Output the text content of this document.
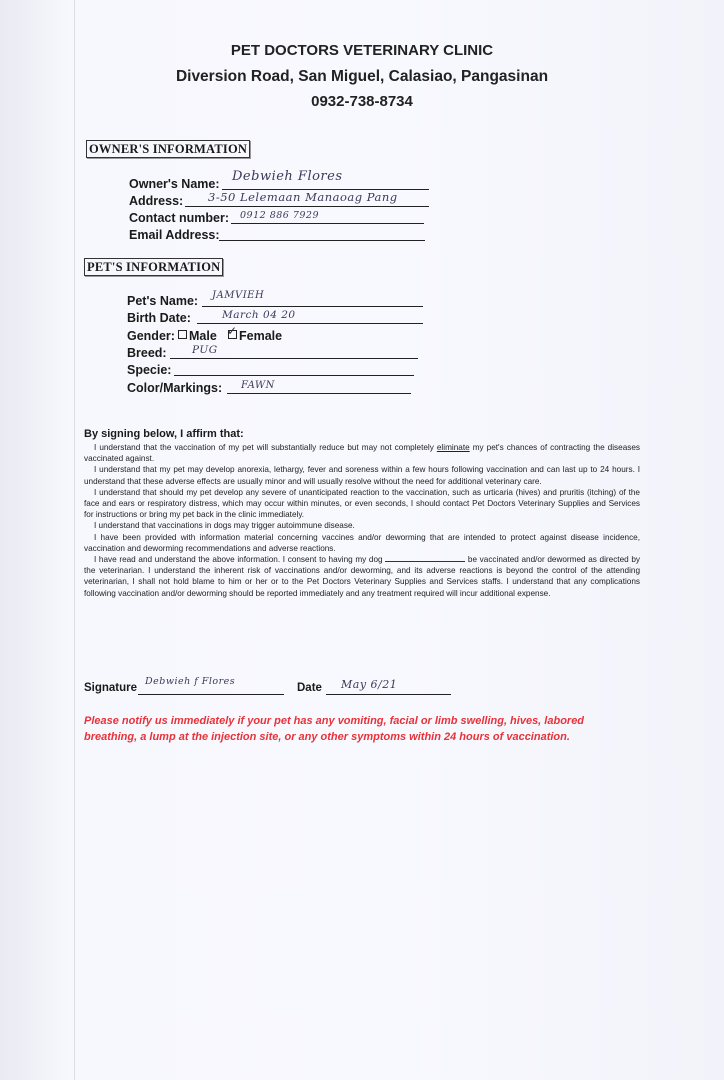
PET DOCTORS VETERINARY CLINIC
Diversion Road, San Miguel, Calasiao, Pangasinan
0932-738-8734
OWNER'S INFORMATION
Owner's Name: Debwieh Flores
Address: 3-50 Lelemaan Manaoag Pang
Contact number: 0912 886 7929
Email Address:
PET'S INFORMATION
Pet's Name: JAMVIEH
Birth Date:	March 04 20
Gender:	Male
✓	Female
Breed: PUG
Specie:
Color/Markings: FAWN
By signing below, I affirm that:

I understand that the vaccination of my pet will substantially reduce but may not completely eliminate my pet's chances of contracting the diseases vaccinated against.

I understand that my pet may develop anorexia, lethargy, fever and soreness within a few hours following vaccination and can last up to 24 hours. I understand that these adverse effects are usually minor and will usually resolve without the need for additional veterinary care.

I understand that should my pet develop any severe of unanticipated reaction to the vaccination, such as urticaria (hives) and pruritis (itching) of the face and ears or respiratory distress, which may occur within minutes, or even seconds, I should contact Pet Doctors Veterinary Supplies and Services for instructions or bring my pet back in the clinic immediately.

I understand that vaccinations in dogs may trigger autoimmune disease.

I have been provided with information material concerning vaccines and/or deworming that are intended to protect against disease incidence, vaccination and deworming recommendations and adverse reactions.

I have read and understand the above information. I consent to having my dog	be vaccinated and/or dewormed as directed by the veterinarian. I understand the inherent risk of vaccinations and/or deworming, and its adverse reactions is beyond the control of the attending veterinarian, I shall not hold blame to him or her or to the Pet Doctors Veterinary Supplies and Services staffs. I understand that any complications following vaccination and/or deworming should be reported immediately and any treatment required will incur additional expense.

Signature
Debwieh f Flores
Date May 6/21
Please notify us immediately if your pet has any vomiting, facial or limb swelling, hives, labored breathing, a lump at the injection site, or any other symptoms within 24 hours of vaccination.
